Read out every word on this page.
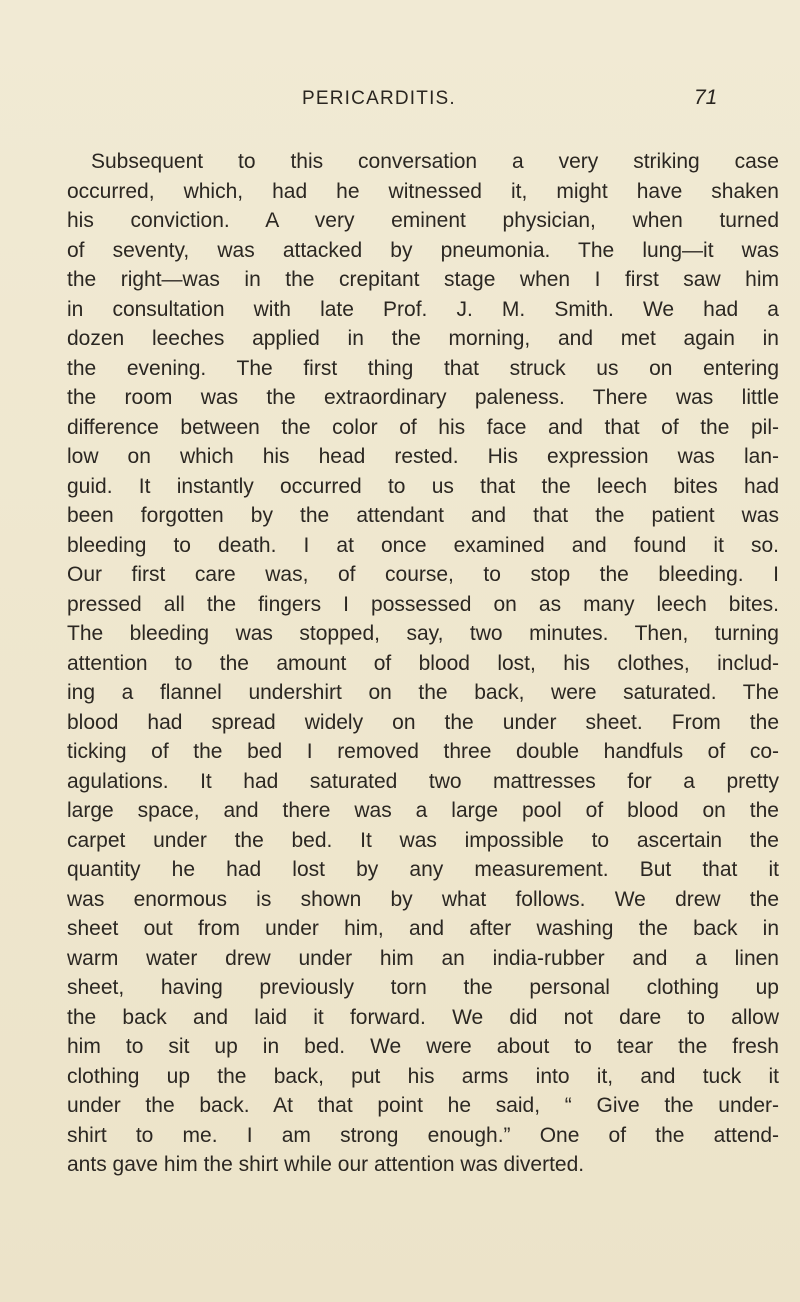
PERICARDITIS.	71
Subsequent to this conversation a very striking case
occurred, which, had he witnessed it, might have shaken
his conviction. A very eminent physician, when turned
of seventy, was attacked by pneumonia. The lung—it was
the right—was in the crepitant stage when I first saw him
in consultation with late Prof. J. M. Smith. We had a
dozen leeches applied in the morning, and met again in
the evening. The first thing that struck us on entering
the room was the extraordinary paleness. There was little
difference between the color of his face and that of the pil-
low on which his head rested. His expression was lan-
guid. It instantly occurred to us that the leech bites had
been forgotten by the attendant and that the patient was
bleeding to death. I at once examined and found it so.
Our first care was, of course, to stop the bleeding. I
pressed all the fingers I possessed on as many leech bites.
The bleeding was stopped, say, two minutes. Then, turning
attention to the amount of blood lost, his clothes, includ-
ing a flannel undershirt on the back, were saturated. The
blood had spread widely on the under sheet. From the
ticking of the bed I removed three double handfuls of co-
agulations. It had saturated two mattresses for a pretty
large space, and there was a large pool of blood on the
carpet under the bed. It was impossible to ascertain the
quantity he had lost by any measurement. But that it
was enormous is shown by what follows. We drew the
sheet out from under him, and after washing the back in
warm water drew under him an india-rubber and a linen
sheet, having previously torn the personal clothing up
the back and laid it forward. We did not dare to allow
him to sit up in bed. We were about to tear the fresh
clothing up the back, put his arms into it, and tuck it
under the back. At that point he said, “ Give the under-
shirt to me. I am strong enough.” One of the attend-
ants gave him the shirt while our attention was diverted.
